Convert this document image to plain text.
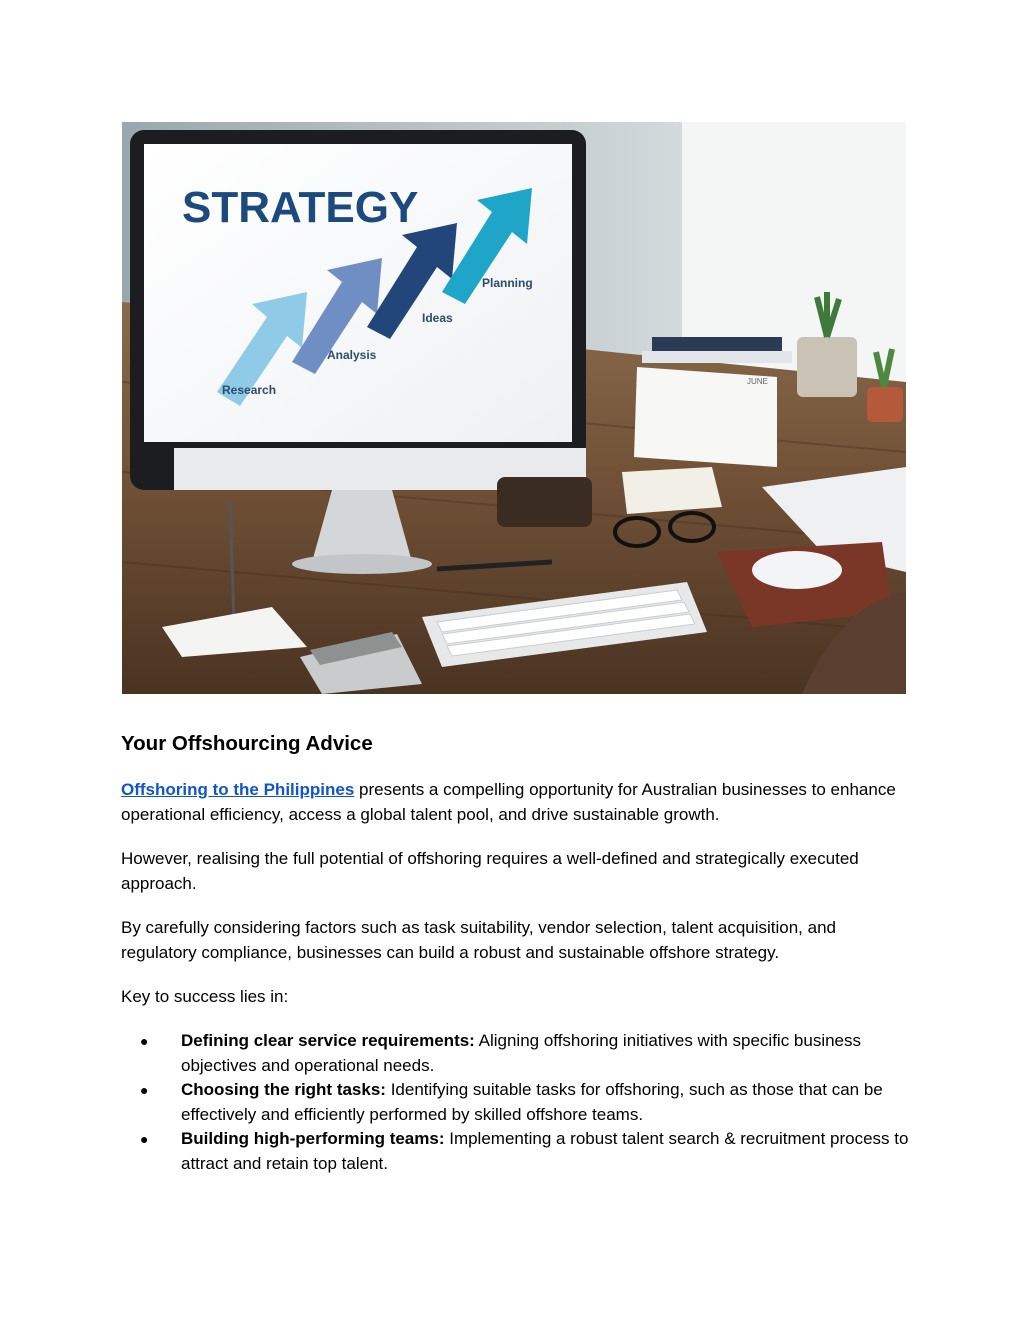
STRATEGY
Research
Analysis
Ideas
Planning
JUNE
Your Offshourcing Advice

Offshoring to the Philippines presents a compelling opportunity for Australian businesses to enhance operational efficiency, access a global talent pool, and drive sustainable growth.

However, realising the full potential of offshoring requires a well-defined and strategically executed approach.

By carefully considering factors such as task suitability, vendor selection, talent acquisition, and regulatory compliance, businesses can build a robust and sustainable offshore strategy.

Key to success lies in:

● Defining clear service requirements: Aligning offshoring initiatives with specific business objectives and operational needs.
● Choosing the right tasks: Identifying suitable tasks for offshoring, such as those that can be effectively and efficiently performed by skilled offshore teams.
● Building high-performing teams: Implementing a robust talent search & recruitment process to attract and retain top talent.
